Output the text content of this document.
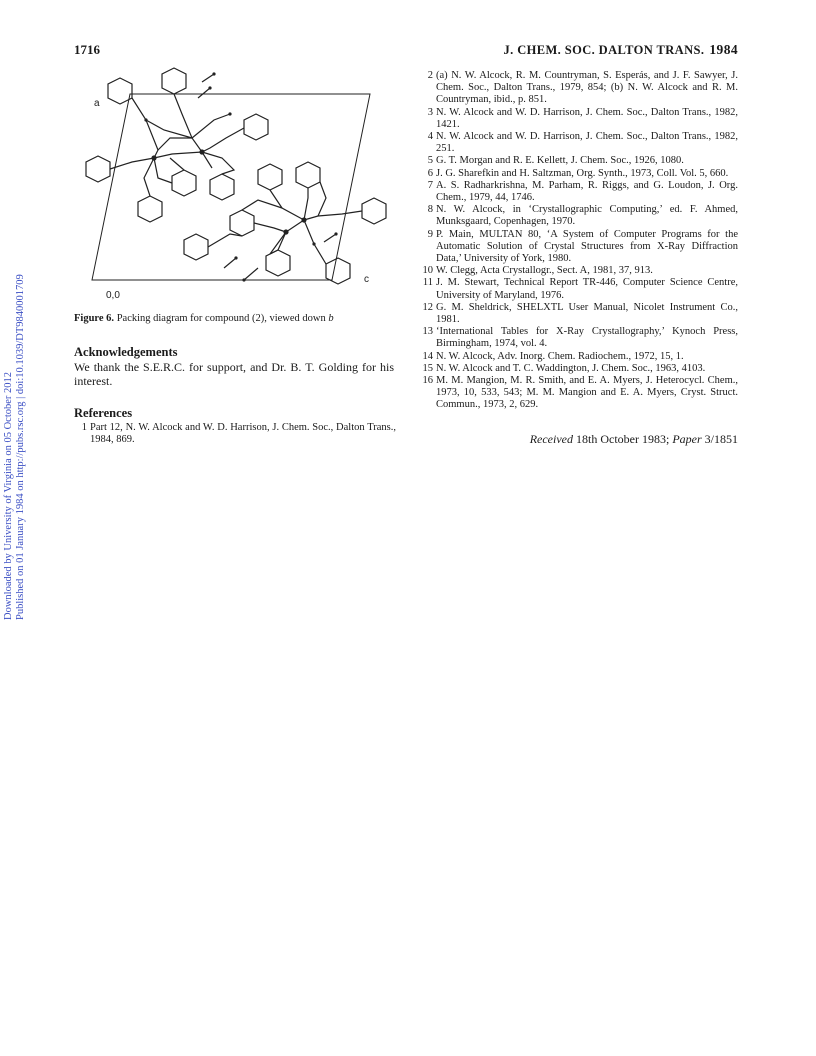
Downloaded by University of Virginia on 05 October 2012 Published on 01 January 1984 on http://pubs.rsc.org | doi:10.1039/DT9840001709
1716	J. CHEM. SOC. DALTON TRANS. 1984
a
c
0,0
Figure 6. Packing diagram for compound (2), viewed down b
Acknowledgements
We thank the S.E.R.C. for support, and Dr. B. T. Golding for his interest.
References
1 Part 12, N. W. Alcock and W. D. Harrison, J. Chem. Soc., Dalton Trans., 1984, 869.
2 (a) N. W. Alcock, R. M. Countryman, S. Esperás, and J. F. Sawyer, J. Chem. Soc., Dalton Trans., 1979, 854; (b) N. W. Alcock and R. M. Countryman, ibid., p. 851.
3 N. W. Alcock and W. D. Harrison, J. Chem. Soc., Dalton Trans., 1982, 1421.
4 N. W. Alcock and W. D. Harrison, J. Chem. Soc., Dalton Trans., 1982, 251.
5 G. T. Morgan and R. E. Kellett, J. Chem. Soc., 1926, 1080.
6 J. G. Sharefkin and H. Saltzman, Org. Synth., 1973, Coll. Vol. 5, 660.
7 A. S. Radharkrishna, M. Parham, R. Riggs, and G. Loudon, J. Org. Chem., 1979, 44, 1746.
8 N. W. Alcock, in ‘Crystallographic Computing,’ ed. F. Ahmed, Munksgaard, Copenhagen, 1970.
9 P. Main, MULTAN 80, ‘A System of Computer Programs for the Automatic Solution of Crystal Structures from X-Ray Diffraction Data,’ University of York, 1980.
10 W. Clegg, Acta Crystallogr., Sect. A, 1981, 37, 913.
11 J. M. Stewart, Technical Report TR-446, Computer Science Centre, University of Maryland, 1976.
12 G. M. Sheldrick, SHELXTL User Manual, Nicolet Instrument Co., 1981.
13 ‘International Tables for X-Ray Crystallography,’ Kynoch Press, Birmingham, 1974, vol. 4.
14 N. W. Alcock, Adv. Inorg. Chem. Radiochem., 1972, 15, 1.
15 N. W. Alcock and T. C. Waddington, J. Chem. Soc., 1963, 4103.
16 M. M. Mangion, M. R. Smith, and E. A. Myers, J. Heterocycl. Chem., 1973, 10, 533, 543; M. M. Mangion and E. A. Myers, Cryst. Struct. Commun., 1973, 2, 629.
Received 18th October 1983; Paper 3/1851
